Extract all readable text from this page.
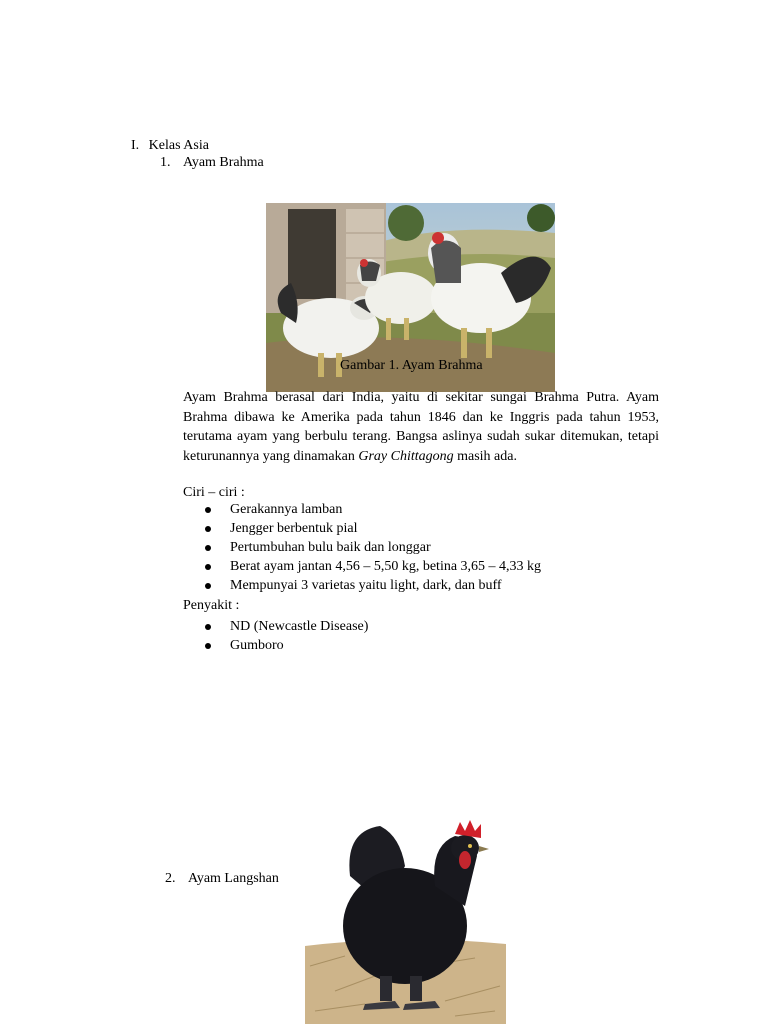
I. Kelas Asia
1. Ayam Brahma
Gambar 1. Ayam Brahma
Ayam Brahma berasal dari India, yaitu di sekitar sungai Brahma Putra. Ayam Brahma dibawa ke Amerika pada tahun 1846 dan ke Inggris pada tahun 1953, terutama ayam yang berbulu terang. Bangsa aslinya sudah sukar ditemukan, tetapi keturunannya yang dinamakan Gray Chittagong masih ada.
Ciri – ciri :
Gerakannya lamban
Jengger berbentuk pial
Pertumbuhan bulu baik dan longgar
Berat ayam jantan 4,56 – 5,50 kg, betina 3,65 – 4,33 kg
Mempunyai 3 varietas yaitu light, dark, dan buff
Penyakit :
ND (Newcastle Disease)
Gumboro
2. Ayam Langshan
